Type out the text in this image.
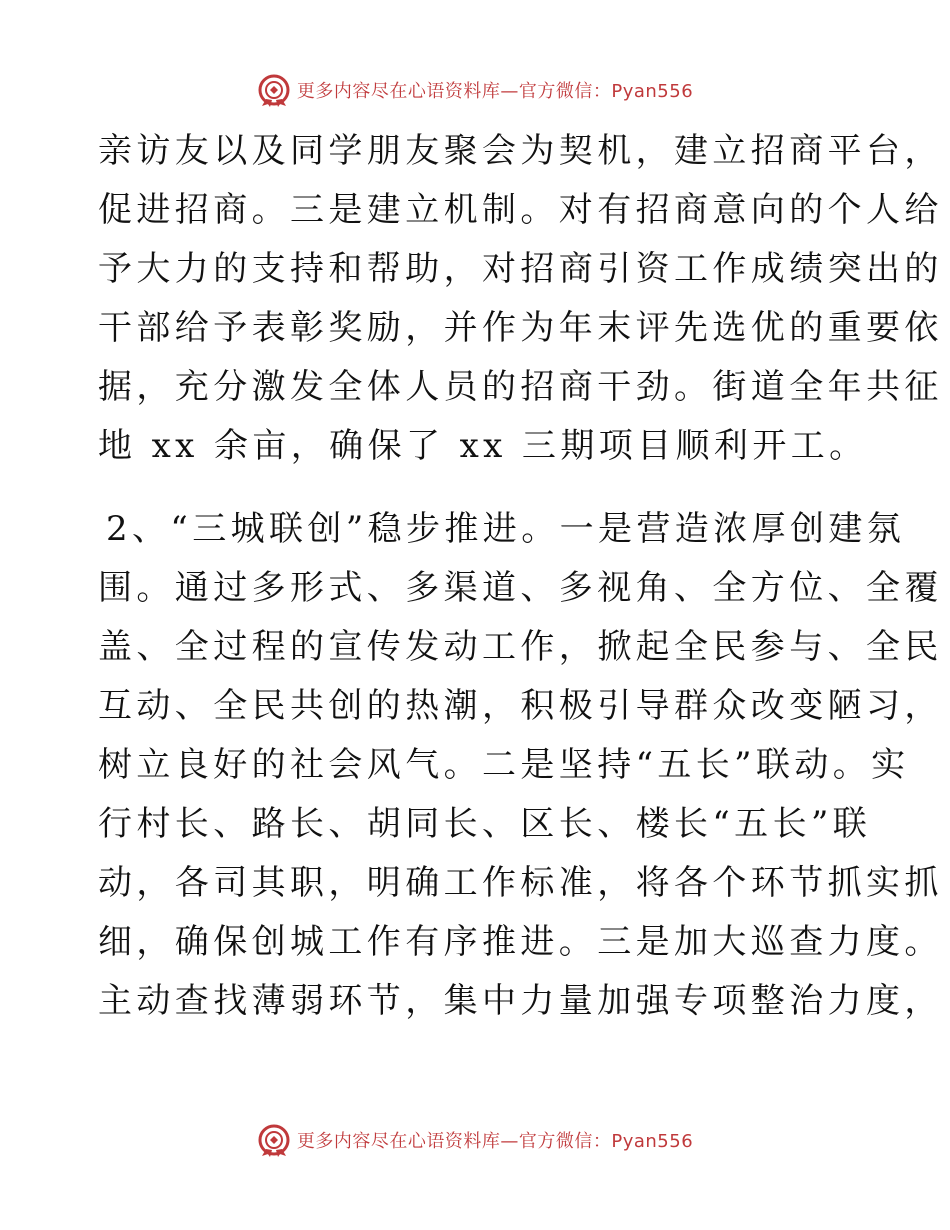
更多内容尽在心语资料库—官方微信：Pyan556

亲访友以及同学朋友聚会为契机，建立招商平台，
促进招商。三是建立机制。对有招商意向的个人给
予大力的支持和帮助，对招商引资工作成绩突出的
干部给予表彰奖励，并作为年末评先选优的重要依
据，充分激发全体人员的招商干劲。街道全年共征
地 xx 余亩，确保了 xx 三期项目顺利开工。

2、“三城联创”稳步推进。一是营造浓厚创建氛
围。通过多形式、多渠道、多视角、全方位、全覆
盖、全过程的宣传发动工作，掀起全民参与、全民
互动、全民共创的热潮，积极引导群众改变陋习，
树立良好的社会风气。二是坚持“五长”联动。实
行村长、路长、胡同长、区长、楼长“五长”联
动，各司其职，明确工作标准，将各个环节抓实抓
细，确保创城工作有序推进。三是加大巡查力度。
主动查找薄弱环节，集中力量加强专项整治力度，

更多内容尽在心语资料库—官方微信：Pyan556
